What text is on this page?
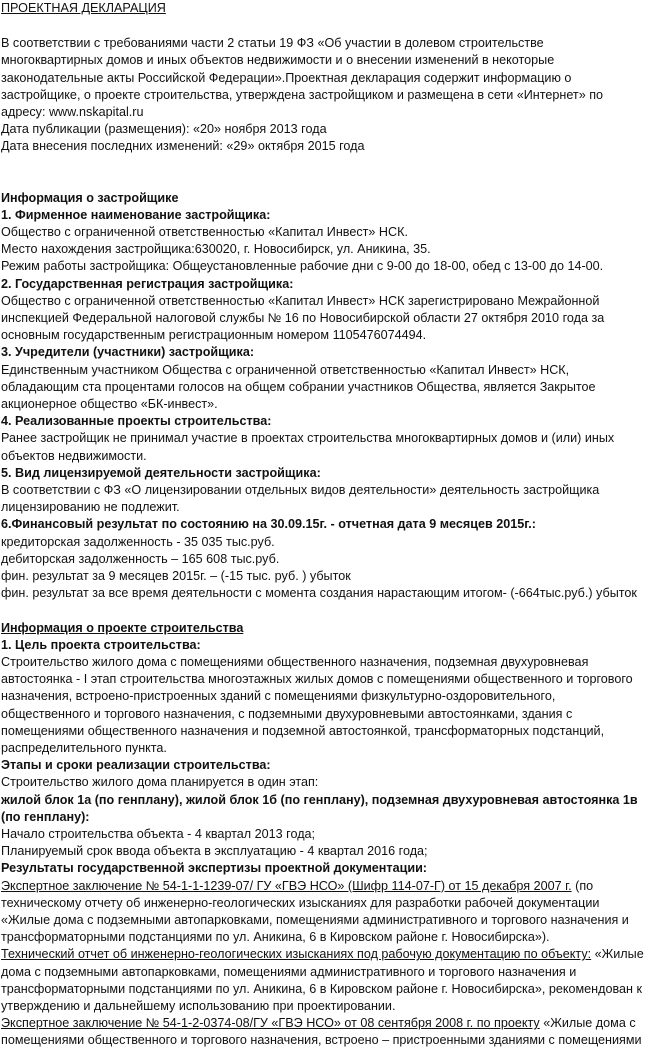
ПРОЕКТНАЯ ДЕКЛАРАЦИЯ

В соответствии с требованиями части 2 статьи 19 ФЗ «Об участии в долевом строительстве многоквартирных домов и иных объектов недвижимости и о внесении изменений в некоторые законодательные акты Российской Федерации».Проектная декларация содержит информацию о застройщике, о проекте строительства, утверждена застройщиком и размещена в сети «Интернет» по адресу: www.nskapital.ru

Дата публикации (размещения): «20» ноября 2013 года

Дата внесения последних изменений: «29» октября 2015 года

Информация о застройщике

1. Фирменное наименование застройщика:

Общество с ограниченной ответственностью «Капитал Инвест» НСК.

Место нахождения застройщика:630020, г. Новосибирск, ул. Аникина, 35.

Режим работы застройщика: Общеустановленные рабочие дни с 9-00 до 18-00, обед с 13-00 до 14-00.

2. Государственная регистрация застройщика:

Общество с ограниченной ответственностью «Капитал Инвест» НСК зарегистрировано Межрайонной инспекцией Федеральной налоговой службы № 16 по Новосибирской области 27 октября 2010 года за основным государственным регистрационным номером 1105476074494.

3. Учредители (участники) застройщика:

Единственным участником Общества с ограниченной ответственностью «Капитал Инвест» НСК, обладающим ста процентами голосов на общем собрании участников Общества, является Закрытое акционерное общество «БК-инвест».

4. Реализованные проекты строительства:

Ранее застройщик не принимал участие в проектах строительства многоквартирных домов и (или) иных объектов недвижимости.

5. Вид лицензируемой деятельности застройщика:

В соответствии с ФЗ «О лицензировании отдельных видов деятельности» деятельность застройщика лицензированию не подлежит.

6.Финансовый результат по состоянию на 30.09.15г. - отчетная дата 9 месяцев 2015г.:

кредиторская задолженность - 35 035 тыс.руб.

дебиторская задолженность – 165 608 тыс.руб.

фин. результат за 9 месяцев 2015г. – (-15 тыс. руб. ) убыток

фин. результат за все время деятельности с момента создания нарастающим итогом- (-664тыс.руб.) убыток

Информация о проекте строительства

1. Цель проекта строительства:

Строительство жилого дома с помещениями общественного назначения, подземная двухуровневая автостоянка - I этап строительства многоэтажных жилых домов с помещениями общественного и торгового назначения, встроено-пристроенных зданий с помещениями физкультурно-оздоровительного, общественного и торгового назначения, с подземными двухуровневыми автостоянками, здания с помещениями общественного назначения и подземной автостоянкой, трансформаторных подстанций, распределительного пункта.

Этапы и сроки реализации строительства:

Строительство жилого дома планируется в один этап:

жилой блок 1а (по генплану), жилой блок 1б (по генплану), подземная двухуровневая автостоянка 1в (по генплану):

Начало строительства объекта - 4 квартал 2013 года;

Планируемый срок ввода объекта в эксплуатацию - 4 квартал 2016 года;

Результаты государственной экспертизы проектной документации:

Экспертное заключение № 54-1-1-1239-07/ ГУ «ГВЭ НСО» (Шифр 114-07-Г) от 15 декабря 2007 г. (по техническому отчету об инженерно-геологических изысканиях для разработки рабочей документации «Жилые дома с подземными автопарковками, помещениями административного и торгового назначения и трансформаторными подстанциями по ул. Аникина, 6 в Кировском районе г. Новосибирска»).

Технический отчет об инженерно-геологических изысканиях под рабочую документацию по объекту: «Жилые дома с подземными автопарковками, помещениями административного и торгового назначения и трансформаторными подстанциями по ул. Аникина, 6 в Кировском районе г. Новосибирска», рекомендован к утверждению и дальнейшему использованию при проектировании.

Экспертное заключение № 54-1-2-0374-08/ГУ «ГВЭ НСО» от 08 сентября 2008 г. по проекту «Жилые дома с помещениями общественного и торгового назначения, встроено – пристроенными зданиями с помещениями
